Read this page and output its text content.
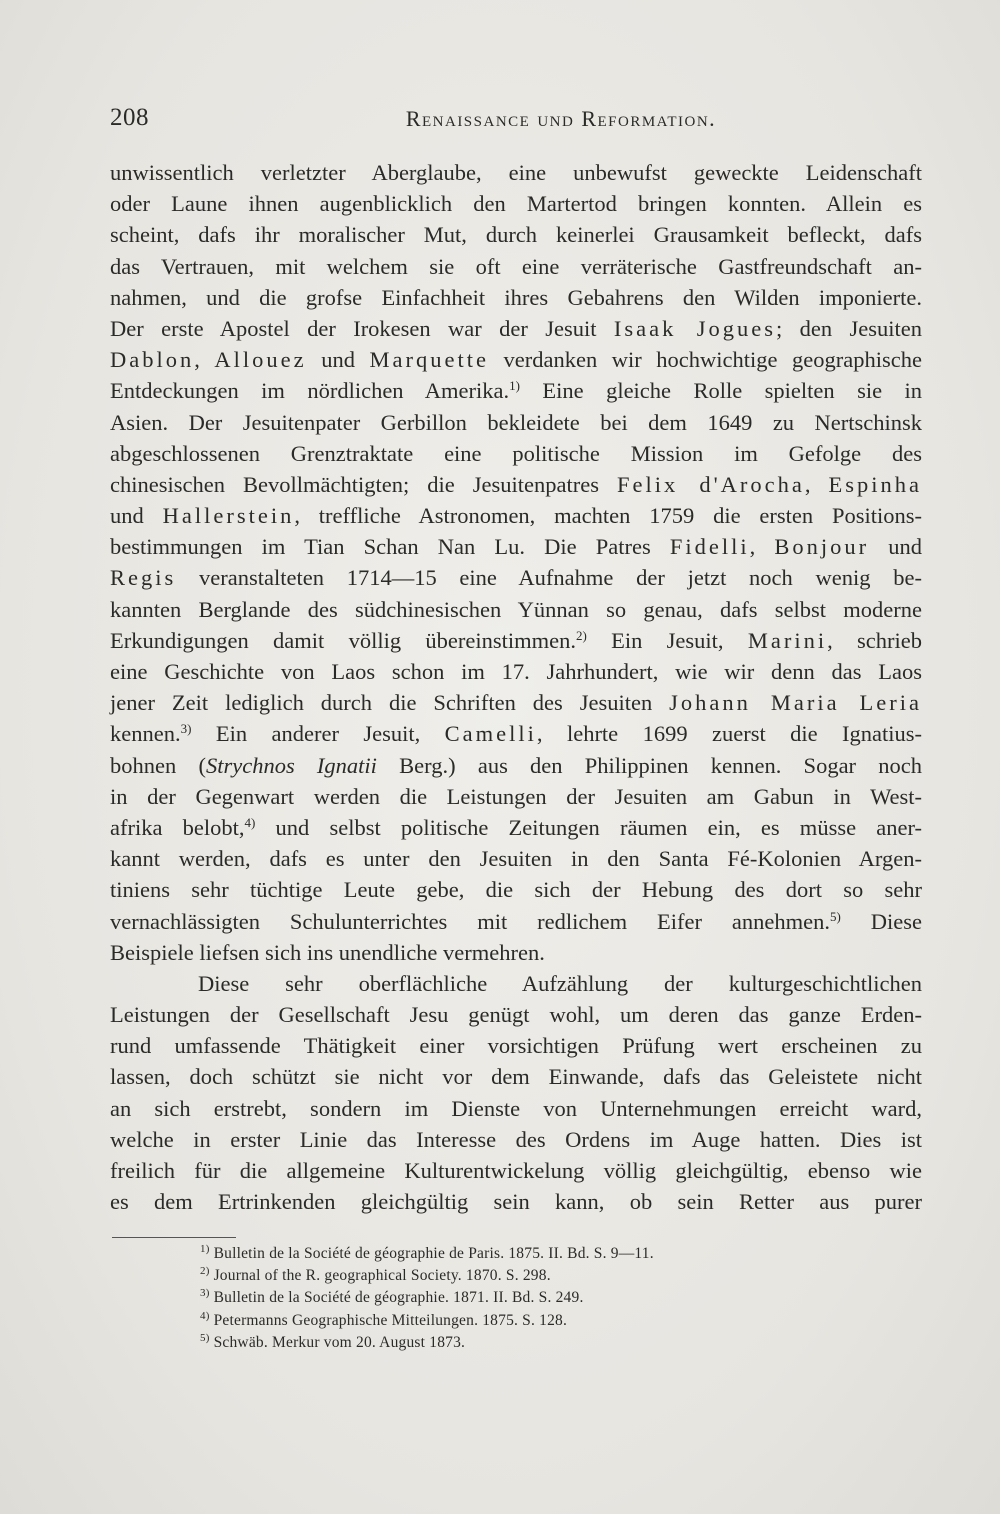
208	Renaissance und Reformation.
unwissentlich verletzter Aberglaube, eine unbewufst geweckte Leidenschaft
oder Laune ihnen augenblicklich den Martertod bringen konnten. Allein es
scheint, dafs ihr moralischer Mut, durch keinerlei Grausamkeit befleckt, dafs
das Vertrauen, mit welchem sie oft eine verräterische Gastfreundschaft an-
nahmen, und die grofse Einfachheit ihres Gebahrens den Wilden imponierte.
Der erste Apostel der Irokesen war der Jesuit Isaak Jogues; den Jesuiten
Dablon, Allouez und Marquette verdanken wir hochwichtige geographische
Entdeckungen im nördlichen Amerika.$^{1)}$ Eine gleiche Rolle spielten sie in
Asien. Der Jesuitenpater Gerbillon bekleidete bei dem 1649 zu Nertschinsk
abgeschlossenen Grenztraktate eine politische Mission im Gefolge des
chinesischen Bevollmächtigten; die Jesuitenpatres Felix d'Arocha, Espinha
und Hallerstein, treffliche Astronomen, machten 1759 die ersten Positions-
bestimmungen im Tian Schan Nan Lu. Die Patres Fidelli, Bonjour und
Regis veranstalteten 1714—15 eine Aufnahme der jetzt noch wenig be-
kannten Berglande des südchinesischen Yünnan so genau, dafs selbst moderne
Erkundigungen damit völlig übereinstimmen.$^{2)}$ Ein Jesuit, Marini, schrieb
eine Geschichte von Laos schon im 17. Jahrhundert, wie wir denn das Laos
jener Zeit lediglich durch die Schriften des Jesuiten Johann Maria Leria
kennen.$^{3)}$ Ein anderer Jesuit, Camelli, lehrte 1699 zuerst die Ignatius-
bohnen (Strychnos Ignatii Berg.) aus den Philippinen kennen. Sogar noch
in der Gegenwart werden die Leistungen der Jesuiten am Gabun in West-
afrika belobt,$^{4)}$ und selbst politische Zeitungen räumen ein, es müsse aner-
kannt werden, dafs es unter den Jesuiten in den Santa Fé-Kolonien Argen-
tiniens sehr tüchtige Leute gebe, die sich der Hebung des dort so sehr
vernachlässigten Schulunterrichtes mit redlichem Eifer annehmen.$^{5)}$ Diese
Beispiele liefsen sich ins unendliche vermehren.
Diese sehr oberflächliche Aufzählung der kulturgeschichtlichen
Leistungen der Gesellschaft Jesu genügt wohl, um deren das ganze Erden-
rund umfassende Thätigkeit einer vorsichtigen Prüfung wert erscheinen zu
lassen, doch schützt sie nicht vor dem Einwande, dafs das Geleistete nicht
an sich erstrebt, sondern im Dienste von Unternehmungen erreicht ward,
welche in erster Linie das Interesse des Ordens im Auge hatten. Dies ist
freilich für die allgemeine Kulturentwickelung völlig gleichgültig, ebenso wie
es dem Ertrinkenden gleichgültig sein kann, ob sein Retter aus purer
$^{1)}$ Bulletin de la Société de géographie de Paris. 1875. II. Bd. S. 9—11.
$^{2)}$ Journal of the R. geographical Society. 1870. S. 298.
$^{3)}$ Bulletin de la Société de géographie. 1871. II. Bd. S. 249.
$^{4)}$ Petermanns Geographische Mitteilungen. 1875. S. 128.
$^{5)}$ Schwäb. Merkur vom 20. August 1873.
